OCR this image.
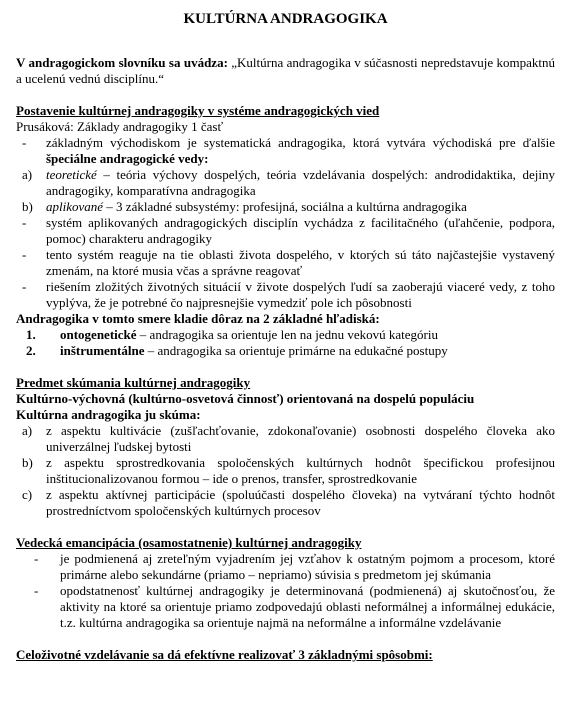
KULTÚRNA ANDRAGOGIKA

V andragogickom slovníku sa uvádza: „Kultúrna andragogika v súčasnosti nepredstavuje kompaktnú a ucelenú vednú disciplínu.“

Postavenie kultúrnej andragogiky v systéme andragogických vied

Prusáková: Základy andragogiky 1 časť

-	základným východiskom je systematická andragogika, ktorá vytvára východiská pre ďalšie špeciálne andragogické vedy:
a)	teoretické – teória výchovy dospelých, teória vzdelávania dospelých: androdidaktika, dejiny andragogiky, komparatívna andragogika
b)	aplikované – 3 základné subsystémy: profesijná, sociálna a kultúrna andragogika
-	systém aplikovaných andragogických disciplín vychádza z facilitačného (uľahčenie, podpora, pomoc) charakteru andragogiky
-	tento systém reaguje na tie oblasti života dospelého, v ktorých sú táto najčastejšie vystavený zmenám, na ktoré musia včas a správne reagovať
-	riešením zložitých životných situácií v živote dospelých ľudí sa zaoberajú viaceré vedy, z toho vyplýva, že je potrebné čo najpresnejšie vymedziť pole ich pôsobnosti

Andragogika v tomto smere kladie dôraz na 2 základné hľadiská:

1.	ontogenetické – andragogika sa orientuje len na jednu vekovú kategóriu
2.	inštrumentálne – andragogika sa orientuje primárne na edukačné postupy

Predmet skúmania kultúrnej andragogiky

Kultúrno-výchovná (kultúrno-osvetová činnosť) orientovaná na dospelú populáciu

Kultúrna andragogika ju skúma:

a)	z aspektu kultivácie (zušľachťovanie, zdokonaľovanie) osobnosti dospelého človeka ako univerzálnej ľudskej bytosti
b)	z aspektu sprostredkovania spoločenských kultúrnych hodnôt špecifickou profesijnou inštitucionalizovanou formou – ide o prenos, transfer, sprostredkovanie
c)	z aspektu aktívnej participácie (spoluúčasti dospelého človeka) na vytváraní týchto hodnôt prostredníctvom spoločenských kultúrnych procesov

Vedecká emancipácia (osamostatnenie) kultúrnej andragogiky

-	je podmienená aj zreteľným vyjadrením jej vzťahov k ostatným pojmom a procesom, ktoré primárne alebo sekundárne (priamo – nepriamo) súvisia s predmetom jej skúmania
-	opodstatnenosť kultúrnej andragogiky je determinovaná (podmienená) aj skutočnosťou, že aktivity na ktoré sa orientuje priamo zodpovedajú oblasti neformálnej a informálnej edukácie, t.z. kultúrna andragogika sa orientuje najmä na neformálne a informálne vzdelávanie

Celoživotné vzdelávanie sa dá efektívne realizovať 3 základnými spôsobmi:
